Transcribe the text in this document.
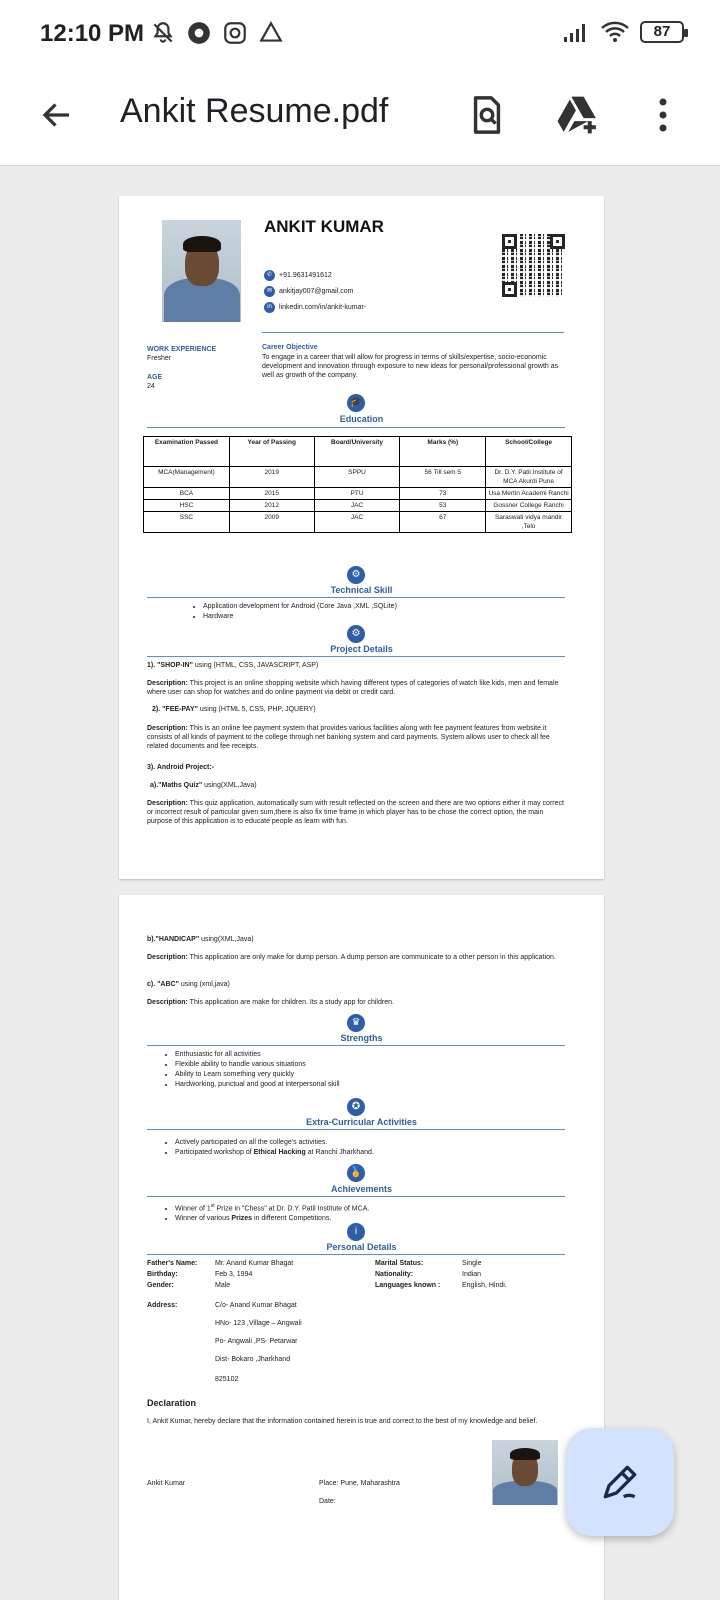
12:10 PM	87
Ankit Resume.pdf
ANKIT KUMAR
✆ +91.9631491612
✉ ankitjay007@gmail.com
in	linkedin.com/in/ankit-kumar-
WORK EXPERIENCE
Fresher
AGE
24
Career Objective
To engage in a career that will allow for progress in terms of skills/expertise, socio-economic development and innovation through exposure to new ideas for personal/professional growth as well as growth of the company.
🎓
Education
Examination Passed	Year of Passing	Board/University	Marks (%)	School/College
MCA(Management)	2019	SPPU	56 Till sem 5	Dr. D.Y. Patil Institute of MCA Akurdi Pune
BCA	2015	PTU	73	Usa Mertin Academi Ranchi
HSC	2012	JAC	53	Gossner College Ranchi
SSC	2009	JAC	67	Saraswati vidya mandir ,Telo
⚙
Technical Skill
• Application development for Android (Core Java ,XML ,SQLite)
• Hardware
⚙
Project Details
1). "SHOP-IN" using (HTML, CSS, JAVASCRIPT, ASP)
Description: This project is an online shopping website which having different types of categories of watch like kids, men and female where user can shop for watches and do online payment via debit or credit card.
2). "FEE-PAY" using (HTML 5, CSS, PHP, JQUERY)
Description: This is an online fee payment system that provides various facilities along with fee payment features from website.it consists of all kinds of payment to the college through net banking system and card payments. System allows user to check all fee related documents and fee receipts.
3). Android Project:-
a)."Maths Quiz" using(XML,Java)
Description: This quiz application, automatically sum with result reflected on the screen and there are two options either it may correct or incorrect result of particular given sum,there is also fix time frame in which player has to be chose the correct option, the main purpose of this application is to educate people as learn with fun.
b)."HANDICAP" using(XML,Java)
Description: This application are only make for dump person. A dump person are communicate to a other person in this application.
c). "ABC" using (xml,java)
Description: This application are make for children. Its a study app for children.
♛
Strengths
• Enthusiastic for all activities
• Flexible ability to handle various situations
• Ability to Learn something very quickly
• Hardworking, punctual and good at interpersonal skill
✪
Extra-Curricular Activities
• Actively participated on all the college's activities.
• Participated workshop of Ethical Hacking at Ranchi Jharkhand.
🏅
Achievements
• Winner of 1st Prize in "Chess" at Dr. D.Y. Patil Institute of MCA.
• Winner of various Prizes in different Competitions.
i
Personal Details
Father's Name:	Mr. Anand Kumar Bhagat
Birthday:	Feb 3, 1994
Gender:	Male
Marital Status:	Single
Nationality:	Indian
Languages known :	English, Hindi.
Address:	C/o- Anand Kumar Bhagat
HNo- 123 ,Village – Angwali
Po- Angwali ,PS- Petarwar
Dist- Bokaro ,Jharkhand
825102
Declaration
I, Ankit Kumar, hereby declare that the information contained herein is true and correct to the best of my knowledge and belief.
Ankit Kumar	Place: Pune, Maharashtra
Date:
